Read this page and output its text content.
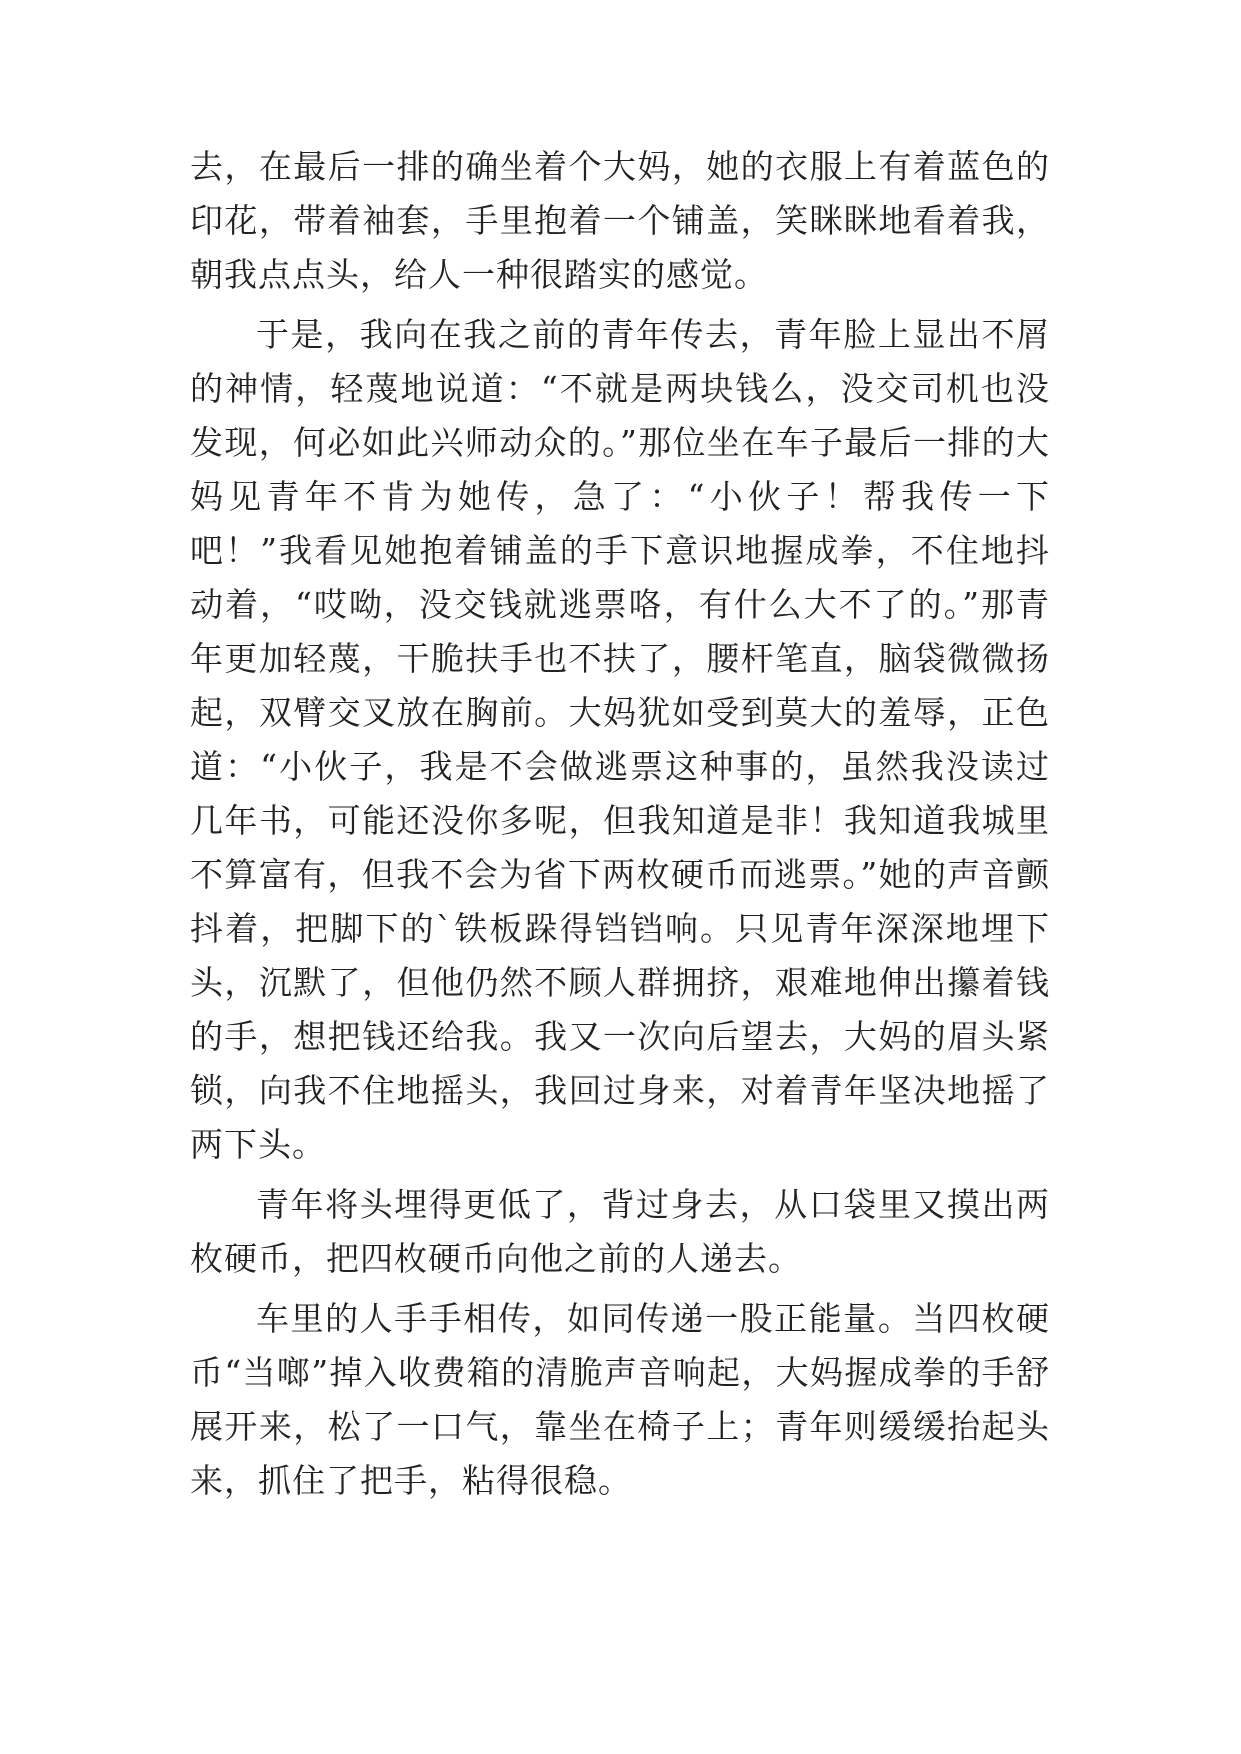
去，在最后一排的确坐着个大妈，她的衣服上有着蓝色的印花，带着袖套，手里抱着一个铺盖，笑眯眯地看着我，朝我点点头，给人一种很踏实的感觉。

于是，我向在我之前的青年传去，青年脸上显出不屑的神情，轻蔑地说道：“不就是两块钱么，没交司机也没发现，何必如此兴师动众的。”那位坐在车子最后一排的大妈见青年不肯为她传，急了：“小伙子！帮我传一下吧！”我看见她抱着铺盖的手下意识地握成拳，不住地抖动着，“哎呦，没交钱就逃票咯，有什么大不了的。”那青年更加轻蔑，干脆扶手也不扶了，腰杆笔直，脑袋微微扬起，双臂交叉放在胸前。大妈犹如受到莫大的羞辱，正色道：“小伙子，我是不会做逃票这种事的，虽然我没读过几年书，可能还没你多呢，但我知道是非！我知道我城里不算富有，但我不会为省下两枚硬币而逃票。”她的声音颤抖着，把脚下的`铁板跺得铛铛响。只见青年深深地埋下头，沉默了，但他仍然不顾人群拥挤，艰难地伸出攥着钱的手，想把钱还给我。我又一次向后望去，大妈的眉头紧锁，向我不住地摇头，我回过身来，对着青年坚决地摇了两下头。

青年将头埋得更低了，背过身去，从口袋里又摸出两枚硬币，把四枚硬币向他之前的人递去。

车里的人手手相传，如同传递一股正能量。当四枚硬币“当啷”掉入收费箱的清脆声音响起，大妈握成拳的手舒展开来，松了一口气，靠坐在椅子上；青年则缓缓抬起头来，抓住了把手，粘得很稳。
